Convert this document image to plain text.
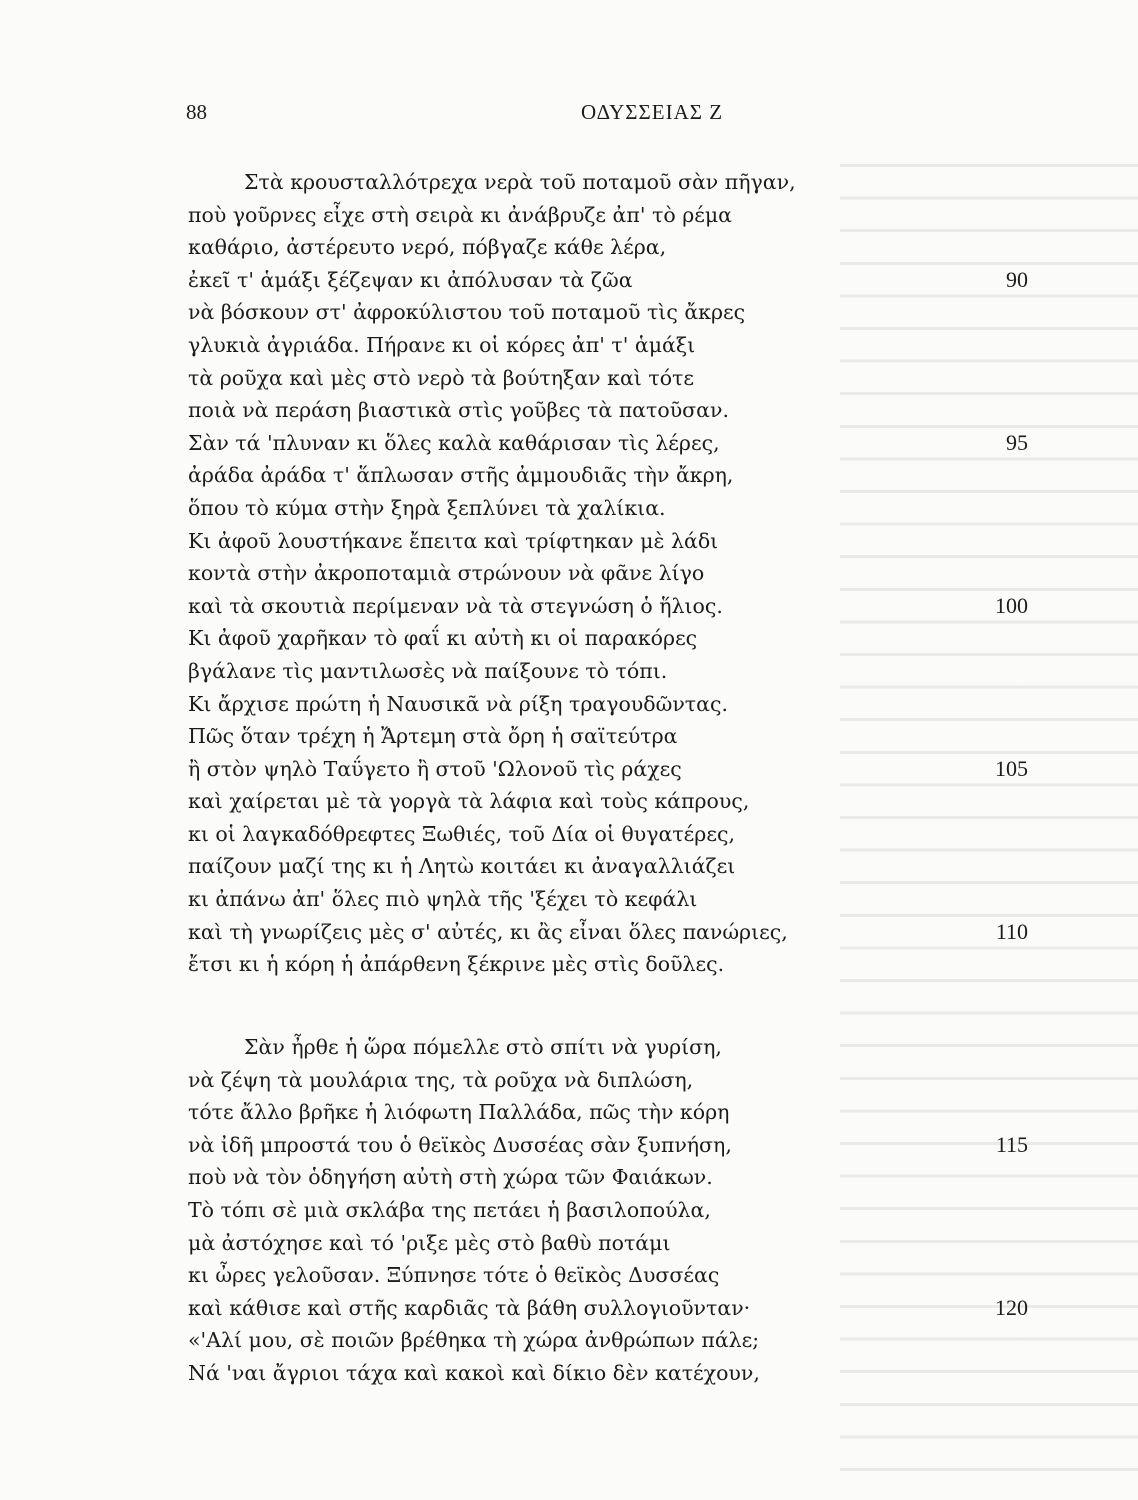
88	ΟΔΥΣΣΕΙΑΣ Ζ
Στὰ κρουσταλλότρεχα νερὰ τοῦ ποταμοῦ σὰν πῆγαν,
ποὺ γοῦρνες εἶχε στὴ σειρὰ κι ἀνάβρυζε ἀπ' τὸ ρέμα
καθάριο, ἀστέρευτο νερό, πόβγαζε κάθε λέρα,
ἐκεῖ τ' ἁμάξι ξέζεψαν κι ἀπόλυσαν τὰ ζῶα	90
νὰ βόσκουν στ' ἀφροκύλιστου τοῦ ποταμοῦ τὶς ἄκρες
γλυκιὰ ἀγριάδα. Πήρανε κι οἱ κόρες ἀπ' τ' ἁμάξι
τὰ ροῦχα καὶ μὲς στὸ νερὸ τὰ βούτηξαν καὶ τότε
ποιὰ νὰ περάση βιαστικὰ στὶς γοῦβες τὰ πατοῦσαν.
Σὰν τά 'πλυναν κι ὅλες καλὰ καθάρισαν τὶς λέρες,	95
ἀράδα ἀράδα τ' ἅπλωσαν στῆς ἀμμουδιᾶς τὴν ἄκρη,
ὅπου τὸ κύμα στὴν ξηρὰ ξεπλύνει τὰ χαλίκια.
Κι ἀφοῦ λουστήκανε ἔπειτα καὶ τρίφτηκαν μὲ λάδι
κοντὰ στὴν ἀκροποταμιὰ στρώνουν νὰ φᾶνε λίγο
καὶ τὰ σκουτιὰ περίμεναν νὰ τὰ στεγνώση ὁ ἥλιος.	100
Κι ἀφοῦ χαρῆκαν τὸ φαΐ κι αὐτὴ κι οἱ παρακόρες
βγάλανε τὶς μαντιλωσὲς νὰ παίξουνε τὸ τόπι.
Κι ἄρχισε πρώτη ἡ Ναυσικᾶ νὰ ρίξη τραγουδῶντας.
Πῶς ὅταν τρέχη ἡ Ἄρτεμη στὰ ὄρη ἡ σαϊτεύτρα
ἢ στὸν ψηλὸ Ταΰγετο ἢ στοῦ 'Ωλονοῦ τὶς ράχες	105
καὶ χαίρεται μὲ τὰ γοργὰ τὰ λάφια καὶ τοὺς κάπρους,
κι οἱ λαγκαδόθρεφτες Ξωθιές, τοῦ Δία οἱ θυγατέρες,
παίζουν μαζί της κι ἡ Λητὼ κοιτάει κι ἀναγαλλιάζει
κι ἀπάνω ἀπ' ὅλες πιὸ ψηλὰ τῆς 'ξέχει τὸ κεφάλι
καὶ τὴ γνωρίζεις μὲς σ' αὐτές, κι ἂς εἶναι ὅλες πανώριες,	110
ἔτσι κι ἡ κόρη ἡ ἀπάρθενη ξέκρινε μὲς στὶς δοῦλες.
Σὰν ἦρθε ἡ ὥρα πόμελλε στὸ σπίτι νὰ γυρίση,
νὰ ζέψη τὰ μουλάρια της, τὰ ροῦχα νὰ διπλώση,
τότε ἄλλο βρῆκε ἡ λιόφωτη Παλλάδα, πῶς τὴν κόρη
νὰ ἰδῆ μπροστά του ὁ θεϊκὸς Δυσσέας σὰν ξυπνήση,	115
ποὺ νὰ τὸν ὁδηγήση αὐτὴ στὴ χώρα τῶν Φαιάκων.
Τὸ τόπι σὲ μιὰ σκλάβα της πετάει ἡ βασιλοπούλα,
μὰ ἀστόχησε καὶ τό 'ριξε μὲς στὸ βαθὺ ποτάμι
κι ὦρες γελοῦσαν. Ξύπνησε τότε ὁ θεϊκὸς Δυσσέας
καὶ κάθισε καὶ στῆς καρδιᾶς τὰ βάθη συλλογιοῦνταν·	120
«'Αλί μου, σὲ ποιῶν βρέθηκα τὴ χώρα ἀνθρώπων πάλε;
Νά 'ναι ἄγριοι τάχα καὶ κακοὶ καὶ δίκιο δὲν κατέχουν,
